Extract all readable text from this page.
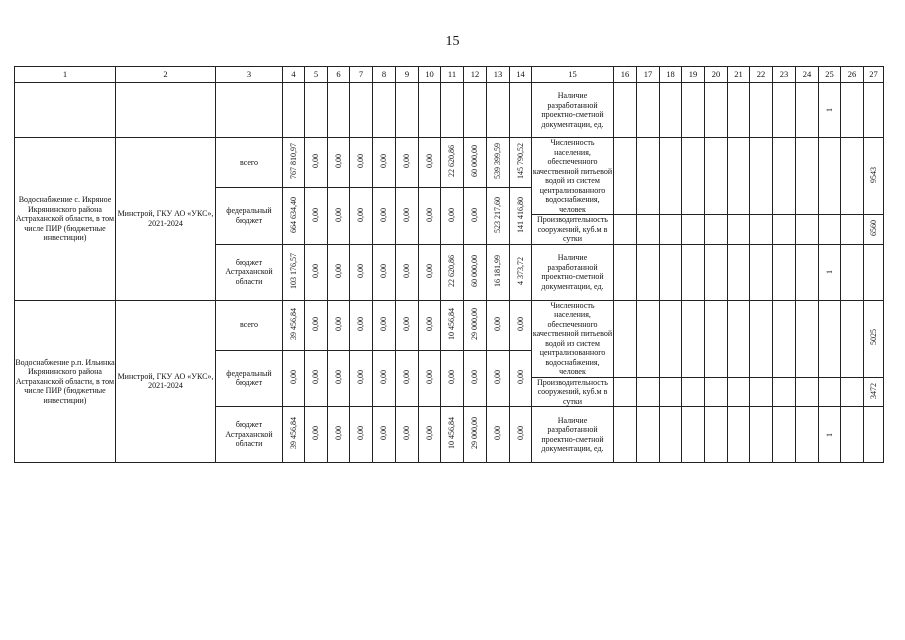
15
1	2	3	4	5	6	7	8	9	10	11	12	13	14	15	16	17	18	19	20	21	22	23	24	25	26	27
														Наличие разработанной проектно-сметной документации, ед.										1		
Водоснабжение с. Икряное Икрянинского района Астраханской области, в том числе ПИР (бюджетные инвестиции)	Минстрой, ГКУ АО «УКС», 2021-2024	всего	767 810,97	0,00	0,00	0,00	0,00	0,00	0,00	22 620,86	60 000,00	539 399,59	145 790,52	Численность населения, обеспеченного качественной питьевой водой из систем централизованного водоснабжения, человек												9543

		федеральный бюджет	664 634,40	0,00	0,00	0,00	0,00	0,00	0,00	0,00	0,00	523 217,60	141 416,80													
														Производительность сооружений, куб.м в сутки												6560
		бюджет Астраханской области	103 176,57	0,00	0,00	0,00	0,00	0,00	0,00	22 620,86	60 000,00	16 181,99	4 373,72	Наличие разработанной проектно-сметной документации, ед.										1		

Водоснабжение р.п. Ильинка Икрянинского района Астраханской области, в том числе ПИР (бюджетные инвестиции)	Минстрой, ГКУ АО «УКС», 2021-2024	всего	39 456,84	0,00	0,00	0,00	0,00	0,00	0,00	10 456,84	29 000,00	0,00	0,00	Численность населения, обеспеченного качественной питьевой водой из систем централизованного водоснабжения, человек												5025

		федеральный бюджет	0,00	0,00	0,00	0,00	0,00	0,00	0,00	0,00	0,00	0,00	0,00													
														Производительность сооружений, куб.м в сутки												3472
		бюджет Астраханской области	39 456,84	0,00	0,00	0,00	0,00	0,00	0,00	10 456,84	29 000,00	0,00	0,00	Наличие разработанной проектно-сметной документации, ед.										1		
